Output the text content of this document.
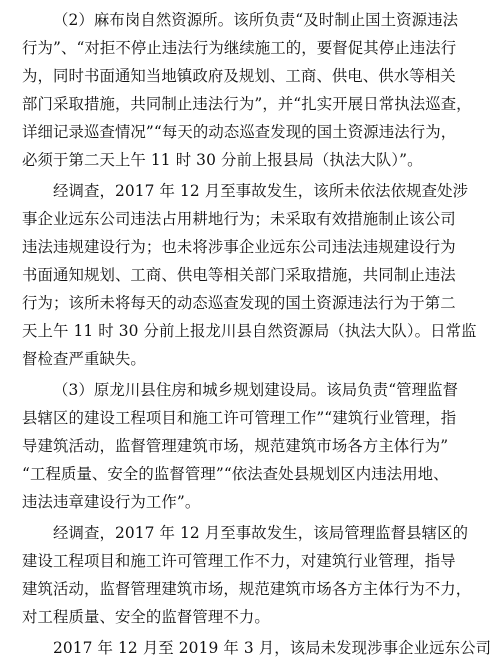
（2）麻布岗自然资源所。该所负责“及时制止国土资源违法
行为”、“对拒不停止违法行为继续施工的，要督促其停止违法行
为，同时书面通知当地镇政府及规划、工商、供电、供水等相关
部门采取措施，共同制止违法行为”，并“扎实开展日常执法巡查，
详细记录巡查情况”“每天的动态巡查发现的国土资源违法行为，
必须于第二天上午 11 时 30 分前上报县局（执法大队）”。
经调查，2017 年 12 月至事故发生，该所未依法依规查处涉
事企业远东公司违法占用耕地行为；未采取有效措施制止该公司
违法违规建设行为；也未将涉事企业远东公司违法违规建设行为
书面通知规划、工商、供电等相关部门采取措施，共同制止违法
行为；该所未将每天的动态巡查发现的国土资源违法行为于第二
天上午 11 时 30 分前上报龙川县自然资源局（执法大队）。日常监
督检查严重缺失。
（3）原龙川县住房和城乡规划建设局。该局负责“管理监督
县辖区的建设工程项目和施工许可管理工作”“建筑行业管理，指
导建筑活动，监督管理建筑市场，规范建筑市场各方主体行为”
“工程质量、安全的监督管理”“依法查处县规划区内违法用地、
违法违章建设行为工作”。
经调查，2017 年 12 月至事故发生，该局管理监督县辖区的
建设工程项目和施工许可管理工作不力，对建筑行业管理，指导
建筑活动，监督管理建筑市场，规范建筑市场各方主体行为不力，
对工程质量、安全的监督管理不力。
2017 年 12 月至 2019 年 3 月，该局未发现涉事企业远东公司
